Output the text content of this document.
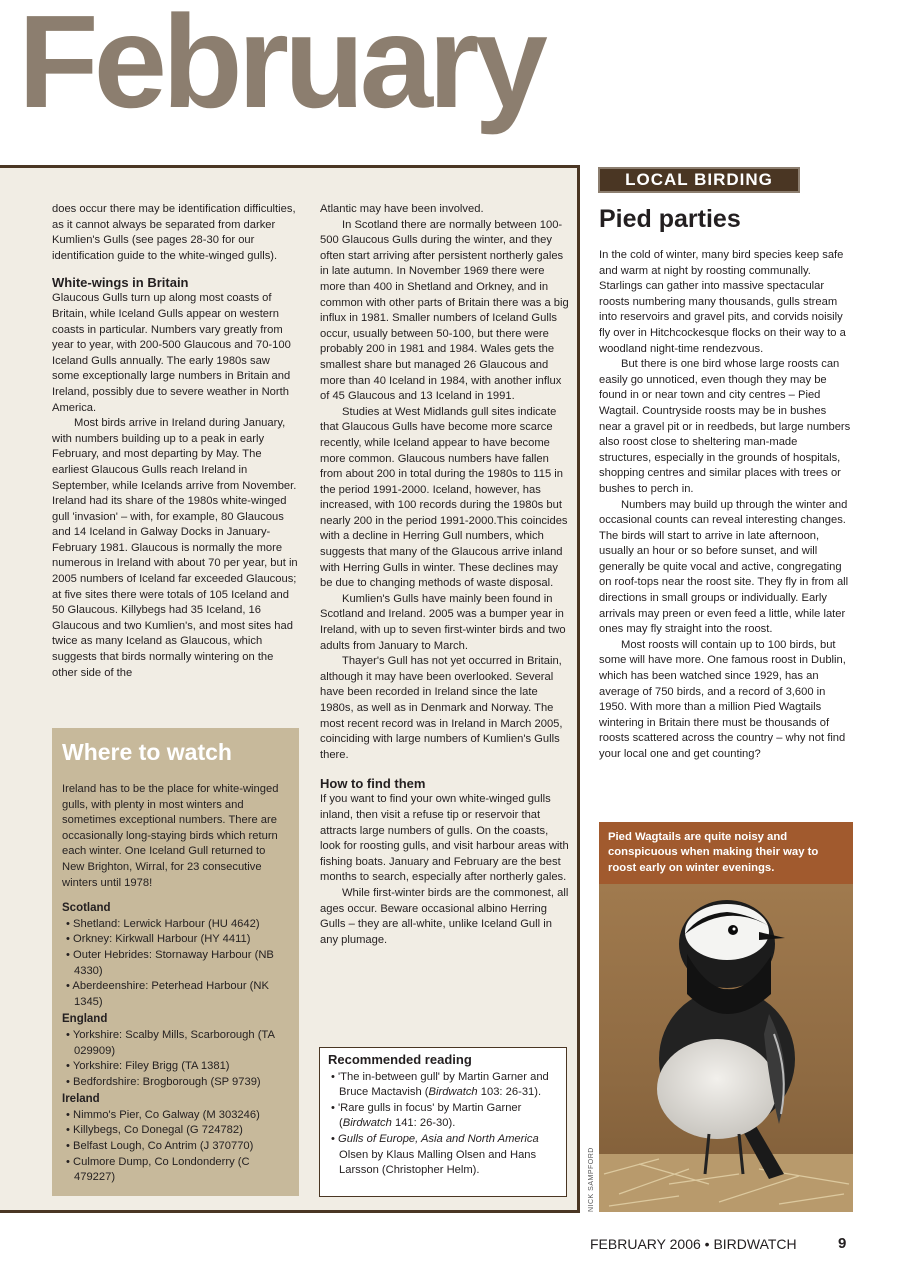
February

does occur there may be identification difficulties, as it cannot always be separated from darker Kumlien's Gulls (see pages 28-30 for our identification guide to the white-winged gulls).

White-wings in Britain

Glaucous Gulls turn up along most coasts of Britain, while Iceland Gulls appear on western coasts in particular. Numbers vary greatly from year to year, with 200-500 Glaucous and 70-100 Iceland Gulls annually. The early 1980s saw some exceptionally large numbers in Britain and Ireland, possibly due to severe weather in North America.

Most birds arrive in Ireland during January, with numbers building up to a peak in early February, and most departing by May. The earliest Glaucous Gulls reach Ireland in September, while Icelands arrive from November. Ireland had its share of the 1980s white-winged gull 'invasion' – with, for example, 80 Glaucous and 14 Iceland in Galway Docks in January-February 1981. Glaucous is normally the more numerous in Ireland with about 70 per year, but in 2005 numbers of Iceland far exceeded Glaucous; at five sites there were totals of 105 Iceland and 50 Glaucous. Killybegs had 35 Iceland, 16 Glaucous and two Kumlien's, and most sites had twice as many Iceland as Glaucous, which suggests that birds normally wintering on the other side of the

Atlantic may have been involved.

In Scotland there are normally between 100-500 Glaucous Gulls during the winter, and they often start arriving after persistent northerly gales in late autumn. In November 1969 there were more than 400 in Shetland and Orkney, and in common with other parts of Britain there was a big influx in 1981. Smaller numbers of Iceland Gulls occur, usually between 50-100, but there were probably 200 in 1981 and 1984. Wales gets the smallest share but managed 26 Glaucous and more than 40 Iceland in 1984, with another influx of 45 Glaucous and 13 Iceland in 1991.

Studies at West Midlands gull sites indicate that Glaucous Gulls have become more scarce recently, while Iceland appear to have become more common. Glaucous numbers have fallen from about 200 in total during the 1980s to 115 in the period 1991-2000. Iceland, however, has increased, with 100 records during the 1980s but nearly 200 in the period 1991-2000.This coincides with a decline in Herring Gull numbers, which suggests that many of the Glaucous arrive inland with Herring Gulls in winter. These declines may be due to changing methods of waste disposal.

Kumlien's Gulls have mainly been found in Scotland and Ireland. 2005 was a bumper year in Ireland, with up to seven first-winter birds and two adults from January to March.

Thayer's Gull has not yet occurred in Britain, although it may have been overlooked. Several have been recorded in Ireland since the late 1980s, as well as in Denmark and Norway. The most recent record was in Ireland in March 2005, coinciding with large numbers of Kumlien's Gulls there.

How to find them

If you want to find your own white-winged gulls inland, then visit a refuse tip or reservoir that attracts large numbers of gulls. On the coasts, look for roosting gulls, and visit harbour areas with fishing boats. January and February are the best months to search, especially after northerly gales.

While first-winter birds are the commonest, all ages occur. Beware occasional albino Herring Gulls – they are all-white, unlike Iceland Gull in any plumage.

Where to watch

Ireland has to be the place for white-winged gulls, with plenty in most winters and sometimes exceptional numbers. There are occasionally long-staying birds which return each winter. One Iceland Gull returned to New Brighton, Wirral, for 23 consecutive winters until 1978!

Scotland
• Shetland: Lerwick Harbour (HU 4642)
• Orkney: Kirkwall Harbour (HY 4411)
• Outer Hebrides: Stornaway Harbour (NB 4330)
• Aberdeenshire: Peterhead Harbour (NK 1345)
England
• Yorkshire: Scalby Mills, Scarborough (TA 029909)
• Yorkshire: Filey Brigg (TA 1381)
• Bedfordshire: Brogborough (SP 9739)
Ireland
• Nimmo's Pier, Co Galway (M 303246)
• Killybegs, Co Donegal (G 724782)
• Belfast Lough, Co Antrim (J 370770)
• Culmore Dump, Co Londonderry (C 479227)
Recommended reading
• 'The in-between gull' by Martin Garner and Bruce Mactavish (Birdwatch 103: 26-31).
• 'Rare gulls in focus' by Martin Garner (Birdwatch 141: 26-30).
• Gulls of Europe, Asia and North America Olsen by Klaus Malling Olsen and Hans Larsson (Christopher Helm).
LOCAL BIRDING
Pied parties

In the cold of winter, many bird species keep safe and warm at night by roosting communally. Starlings can gather into massive spectacular roosts numbering many thousands, gulls stream into reservoirs and gravel pits, and corvids noisily fly over in Hitchcockesque flocks on their way to a woodland night-time rendezvous.

But there is one bird whose large roosts can easily go unnoticed, even though they may be found in or near town and city centres – Pied Wagtail. Countryside roosts may be in bushes near a gravel pit or in reedbeds, but large numbers also roost close to sheltering man-made structures, especially in the grounds of hospitals, shopping centres and similar places with trees or bushes to perch in.

Numbers may build up through the winter and occasional counts can reveal interesting changes. The birds will start to arrive in late afternoon, usually an hour or so before sunset, and will generally be quite vocal and active, congregating on roof-tops near the roost site. They fly in from all directions in small groups or individually. Early arrivals may preen or even feed a little, while later ones may fly straight into the roost.

Most roosts will contain up to 100 birds, but some will have more. One famous roost in Dublin, which has been watched since 1929, has an average of 750 birds, and a record of 3,600 in 1950. With more than a million Pied Wagtails wintering in Britain there must be thousands of roosts scattered across the country – why not find your local one and get counting?

Pied Wagtails are quite noisy and conspicuous when making their way to roost early on winter evenings.
NICK SAMPFORD
FEBRUARY 2006 • BIRDWATCH	9
